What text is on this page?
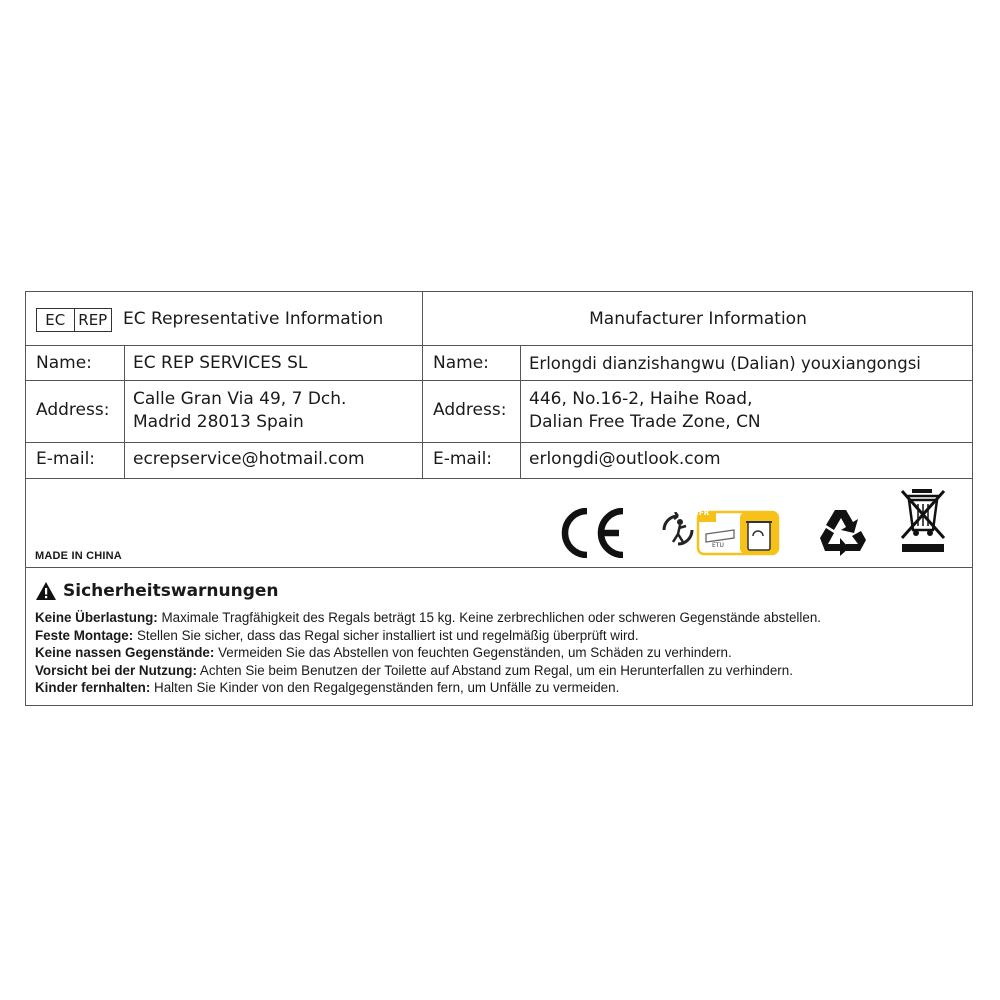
EC REP EC Representative Information	Manufacturer Information
Name: EC REP SERVICES SL
Address:
Calle Gran Via 49, 7 Dch.
Madrid 28013 Spain
E-mail: ecrepservice@hotmail.com
Name: Erlongdi dianzishangwu (Dalian) youxiangongsi
Address:
446, No.16-2, Haihe Road,
Dalian Free Trade Zone, CN
E-mail: erlongdi@outlook.com
MADE IN CHINA
FR
ETU
Sicherheitswarnungen
Keine Überlastung: Maximale Tragfähigkeit des Regals beträgt 15 kg. Keine zerbrechlichen oder schweren Gegenstände abstellen.
Feste Montage: Stellen Sie sicher, dass das Regal sicher installiert ist und regelmäßig überprüft wird.
Keine nassen Gegenstände: Vermeiden Sie das Abstellen von feuchten Gegenständen, um Schäden zu verhindern.
Vorsicht bei der Nutzung: Achten Sie beim Benutzen der Toilette auf Abstand zum Regal, um ein Herunterfallen zu verhindern.
Kinder fernhalten: Halten Sie Kinder von den Regalgegenständen fern, um Unfälle zu vermeiden.
